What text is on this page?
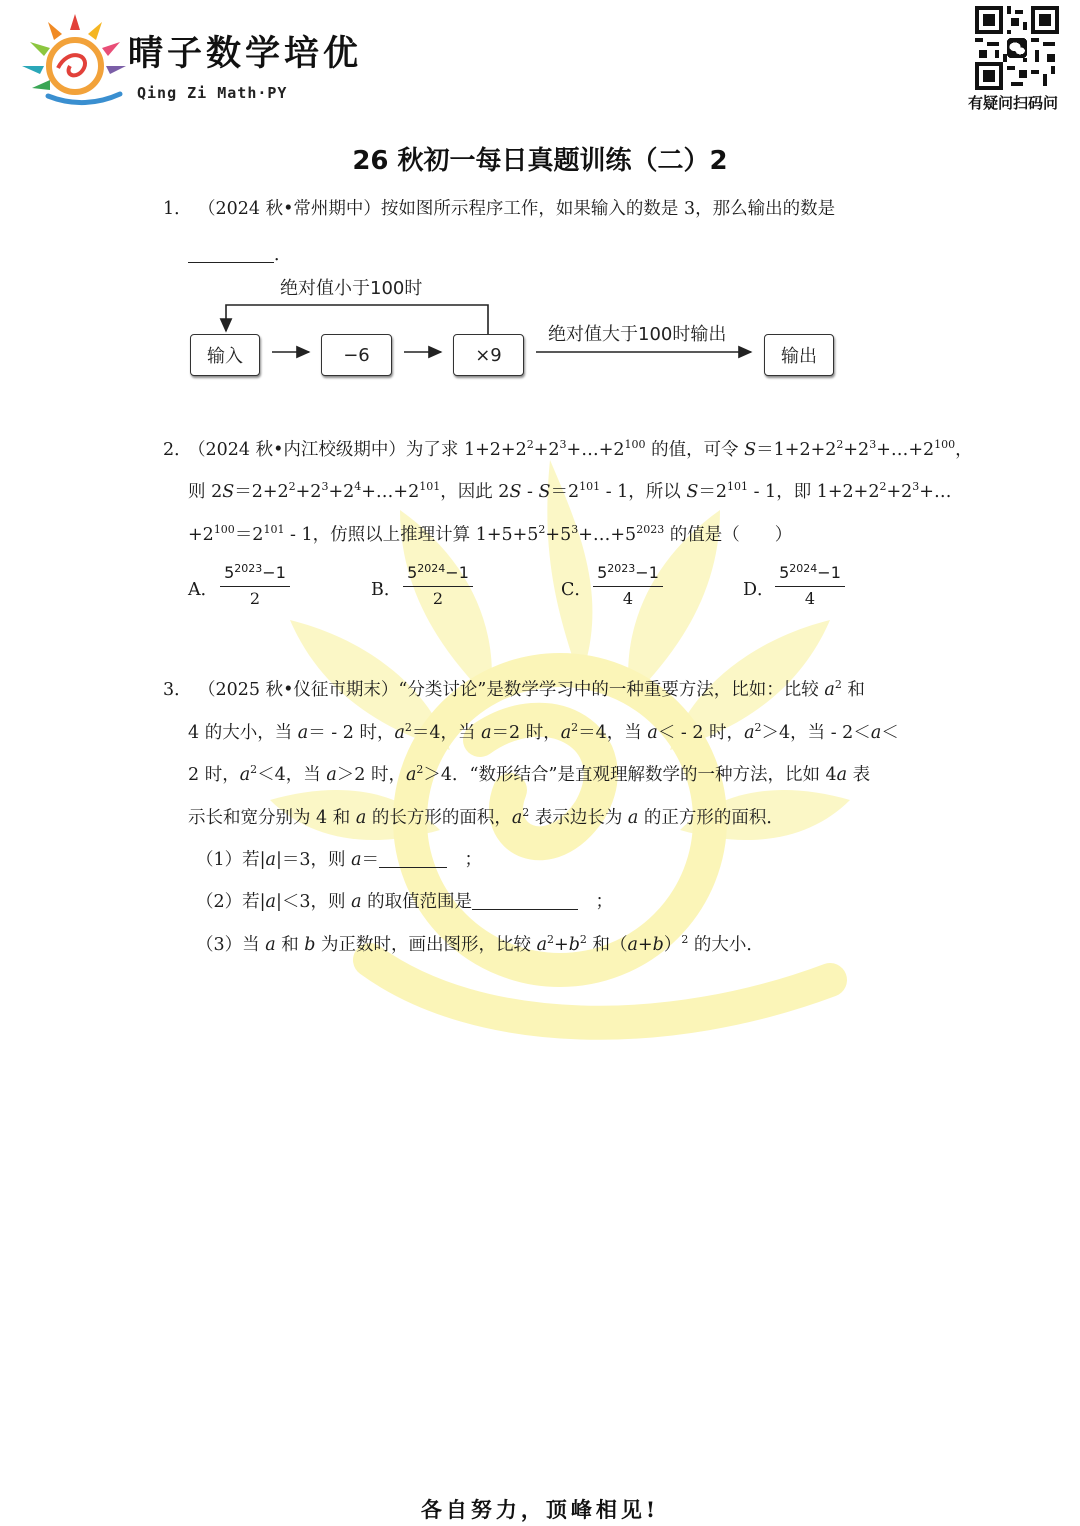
晴子数学培优
Qing Zi Math·PY
有疑问扫码问
26 秋初一每日真题训练（二）2
1． （2024 秋•常州期中）按如图所示程序工作，如果输入的数是 3，那么输出的数是
．
绝对值小于100时
绝对值大于100时输出
输入	−6	×9	输出
2．
（2024 秋•内江校级期中）为了求 $1+2+2^2+2^3+\dots+2^{100}$ 的值，可令 $S=1+2+2^2+2^3+\dots+2^{100}$，
则 $2S=2+2^2+2^3+2^4+\dots+2^{101}$，因此 $2S - S=2^{101} - 1$，所以 $S=2^{101} - 1$，即 $1+2+2^2+2^3+\dots$
$+2^{100}=2^{101} - 1$，仿照以上推理计算 $1+5+5^2+5^3+\dots+5^{2023}$ 的值是（　　）
A． $\frac{5^{2023}-1}{2}$	B． $\frac{5^{2024}-1}{2}$	C． $\frac{5^{2023}-1}{4}$	D． $\frac{5^{2024}-1}{4}$
3． （2025 秋•仪征市期末）“分类讨论”是数学学习中的一种重要方法，比如：比较 $a^2$ 和
4 的大小，当 a＝ - 2 时，$a^2=4$，当 a＝2 时，$a^2=4$，当 a＜ - 2 时，$a^2>4$，当 - 2＜a＜
2 时，$a^2<4$，当 a＞2 时，$a^2>4$．“数形结合”是直观理解数学的一种方法，比如 4a 表
示长和宽分别为 4 和 a 的长方形的面积，$a^2$ 表示边长为 a 的正方形的面积．
（1）若|a|＝3，则 a＝	　；
（2）若|a|＜3，则 a 的取值范围是	　；
（3）当 a 和 b 为正数时，画出图形，比较 $a^2+b^2$ 和$(a+b)^2$ 的大小．
各自努力，顶峰相见!
